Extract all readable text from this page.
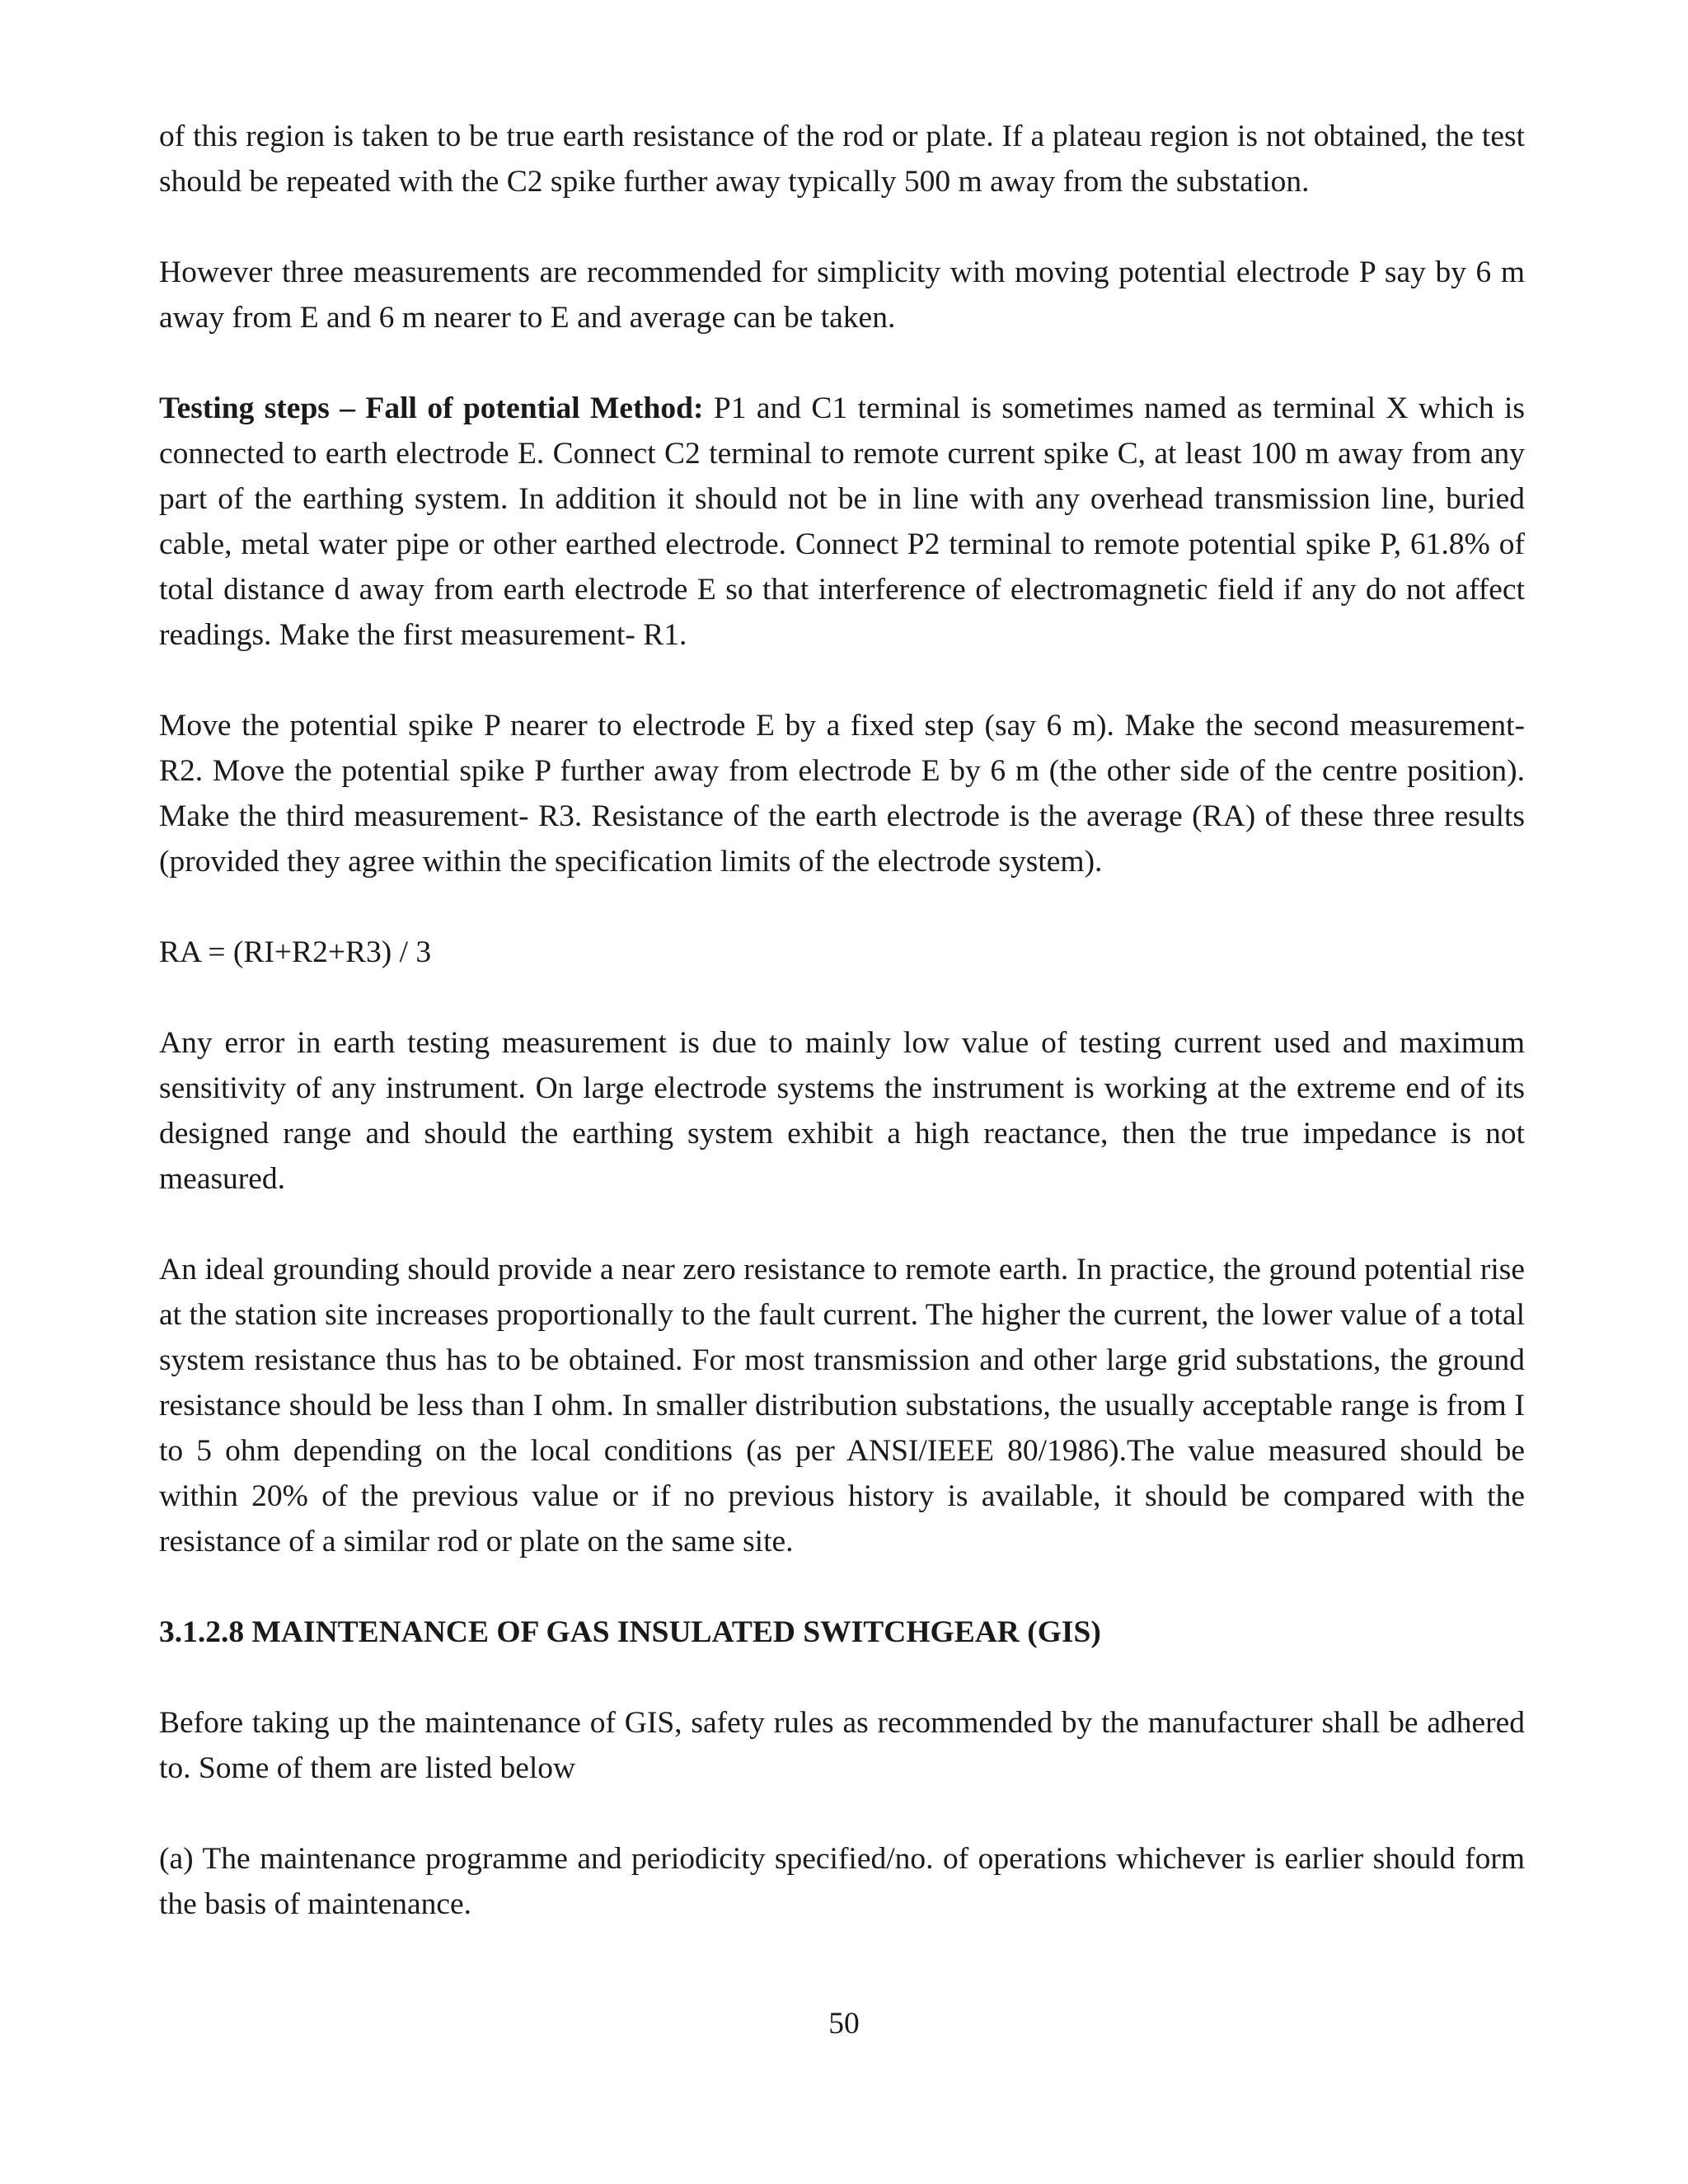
of this region is taken to be true earth resistance of the rod or plate. If a plateau region is not obtained, the test should be repeated with the C2 spike further away typically 500 m away from the substation.

However three measurements are recommended for simplicity with moving potential electrode P say by 6 m away from E and 6 m nearer to E and average can be taken.

Testing steps – Fall of potential Method: P1 and C1 terminal is sometimes named as terminal X which is connected to earth electrode E. Connect C2 terminal to remote current spike C, at least 100 m away from any part of the earthing system. In addition it should not be in line with any overhead transmission line, buried cable, metal water pipe or other earthed electrode. Connect P2 terminal to remote potential spike P, 61.8% of total distance d away from earth electrode E so that interference of electromagnetic field if any do not affect readings. Make the first measurement- R1.

Move the potential spike P nearer to electrode E by a fixed step (say 6 m). Make the second measurement- R2. Move the potential spike P further away from electrode E by 6 m (the other side of the centre position). Make the third measurement- R3. Resistance of the earth electrode is the average (RA) of these three results (provided they agree within the specification limits of the electrode system).

RA = (RI+R2+R3) / 3

Any error in earth testing measurement is due to mainly low value of testing current used and maximum sensitivity of any instrument. On large electrode systems the instrument is working at the extreme end of its designed range and should the earthing system exhibit a high reactance, then the true impedance is not measured.

An ideal grounding should provide a near zero resistance to remote earth. In practice, the ground potential rise at the station site increases proportionally to the fault current. The higher the current, the lower value of a total system resistance thus has to be obtained. For most transmission and other large grid substations, the ground resistance should be less than I ohm. In smaller distribution substations, the usually acceptable range is from I to 5 ohm depending on the local conditions (as per ANSI/IEEE 80/1986).The value measured should be within 20% of the previous value or if no previous history is available, it should be compared with the resistance of a similar rod or plate on the same site.

3.1.2.8 MAINTENANCE OF GAS INSULATED SWITCHGEAR (GIS)

Before taking up the maintenance of GIS, safety rules as recommended by the manufacturer shall be adhered to. Some of them are listed below

(a) The maintenance programme and periodicity specified/no. of operations whichever is earlier should form the basis of maintenance.

50
